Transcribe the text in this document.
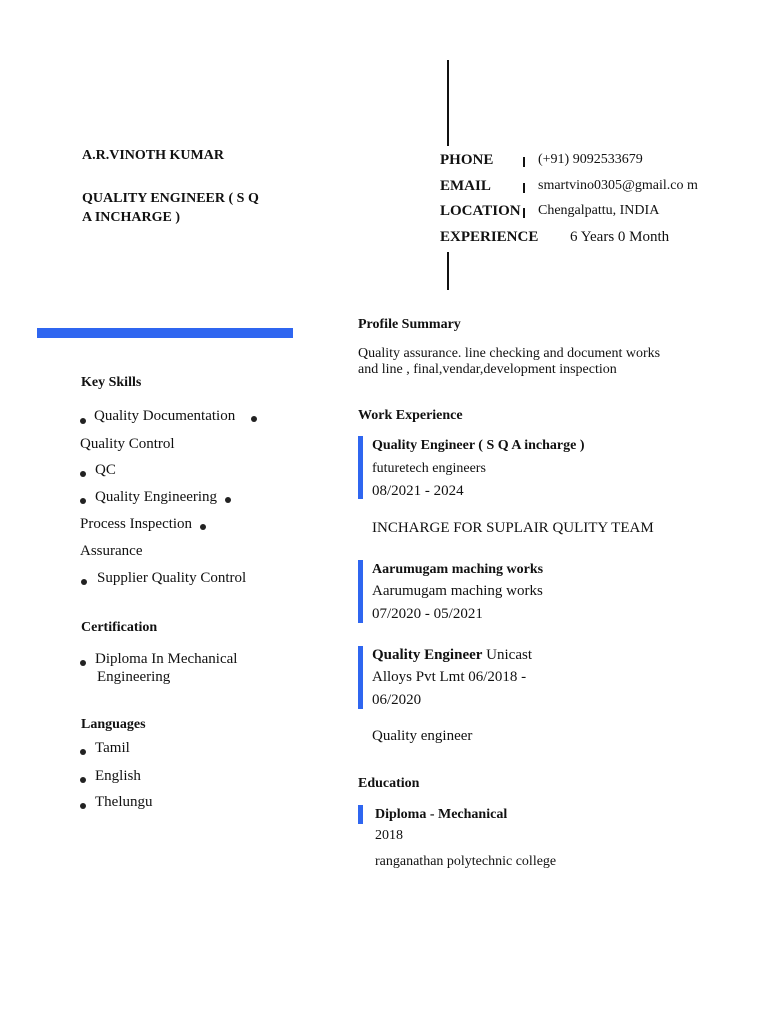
A.R.VINOTH KUMAR
QUALITY ENGINEER ( S Q
A INCHARGE )
PHONE	(+91) 9092533679
EMAIL	smartvino0305@gmail.co m
LOCATION Chengalpattu, INDIA
EXPERIENCE 6 Years 0 Month
Key Skills
Quality Documentation
Quality Control
QC
Quality Engineering
Process Inspection
Assurance
Supplier Quality Control
Certification
Diploma In Mechanical
Engineering
Languages
Tamil
English
Thelungu
Profile Summary
Quality assurance. line checking and document works
and line , final,vendar,development inspection
Work Experience
Quality Engineer ( S Q A incharge )
futuretech engineers
08/2021 - 2024
INCHARGE FOR SUPLAIR QULITY TEAM
Aarumugam maching works
Aarumugam maching works
07/2020 - 05/2021
Quality Engineer Unicast
Alloys Pvt Lmt 06/2018 -
06/2020
Quality engineer
Education
Diploma - Mechanical
2018
ranganathan polytechnic college
